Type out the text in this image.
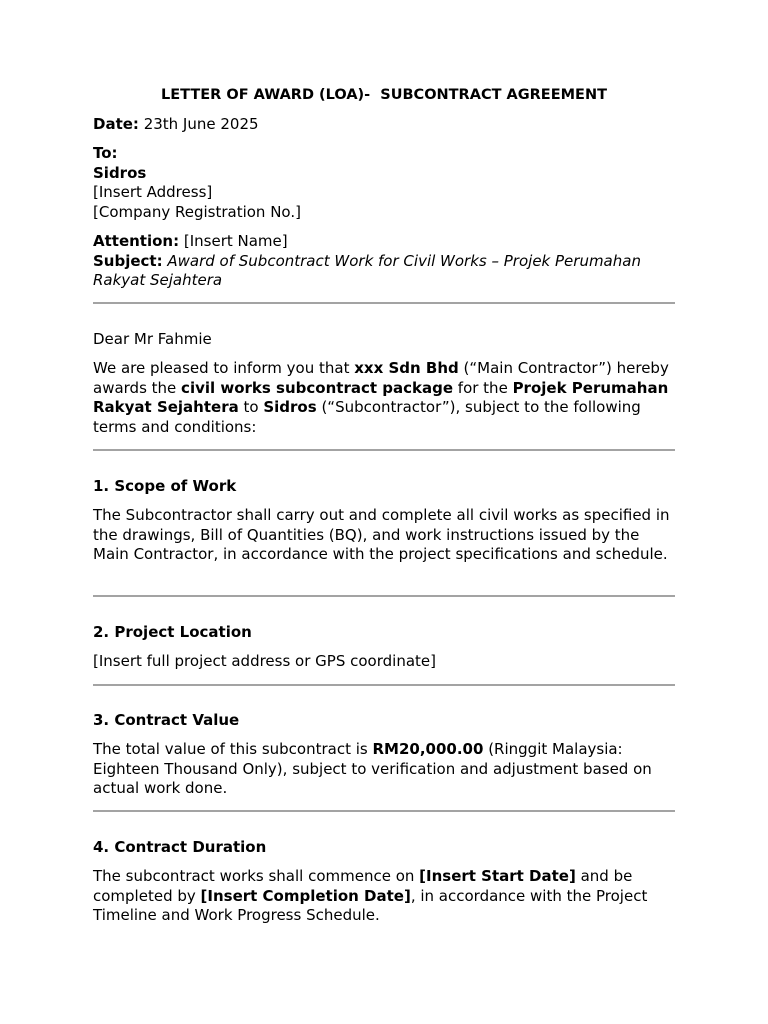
LETTER OF AWARD (LOA)-  SUBCONTRACT AGREEMENT

Date: 23th June 2025

To:

Sidros

[Insert Address]

[Company Registration No.]

Attention: [Insert Name]

Subject: Award of Subcontract Work for Civil Works – Projek Perumahan Rakyat Sejahtera

Dear Mr Fahmie

We are pleased to inform you that xxx Sdn Bhd (“Main Contractor”) hereby awards the civil works subcontract package for the Projek Perumahan Rakyat Sejahtera to Sidros (“Subcontractor”), subject to the following terms and conditions:

1. Scope of Work

The Subcontractor shall carry out and complete all civil works as specified in the drawings, Bill of Quantities (BQ), and work instructions issued by the Main Contractor, in accordance with the project specifications and schedule.

2. Project Location

[Insert full project address or GPS coordinate]

3. Contract Value

The total value of this subcontract is RM20,000.00 (Ringgit Malaysia: Eighteen Thousand Only), subject to verification and adjustment based on actual work done.

4. Contract Duration

The subcontract works shall commence on [Insert Start Date] and be completed by [Insert Completion Date], in accordance with the Project Timeline and Work Progress Schedule.
